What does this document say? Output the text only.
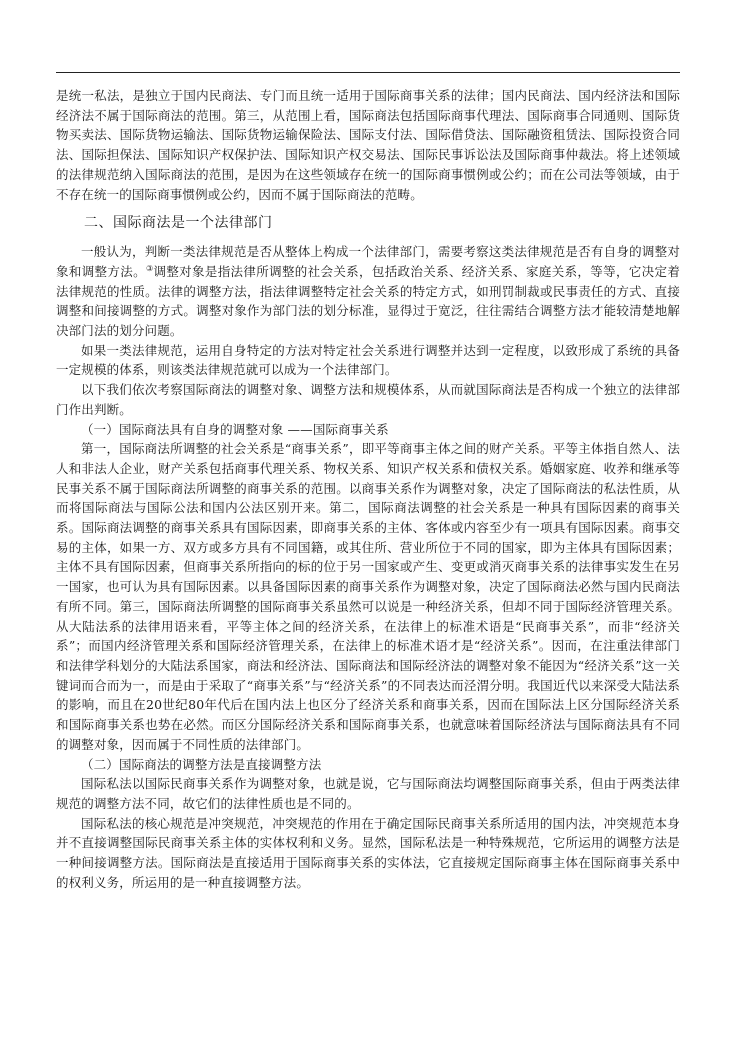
是统一私法，是独立于国内民商法、专门而且统一适用于国际商事关系的法律；国内民商法、国内经济法和国际经济法不属于国际商法的范围。第三，从范围上看，国际商法包括国际商事代理法、国际商事合同通则、国际货物买卖法、国际货物运输法、国际货物运输保险法、国际支付法、国际借贷法、国际融资租赁法、国际投资合同法、国际担保法、国际知识产权保护法、国际知识产权交易法、国际民事诉讼法及国际商事仲裁法。将上述领域的法律规范纳入国际商法的范围，是因为在这些领域存在统一的国际商事惯例或公约；而在公司法等领域，由于不存在统一的国际商事惯例或公约，因而不属于国际商法的范畴。

二、国际商法是一个法律部门

一般认为，判断一类法律规范是否从整体上构成一个法律部门，需要考察这类法律规范是否有自身的调整对象和调整方法。③调整对象是指法律所调整的社会关系，包括政治关系、经济关系、家庭关系，等等，它决定着法律规范的性质。法律的调整方法，指法律调整特定社会关系的特定方式，如刑罚制裁或民事责任的方式、直接调整和间接调整的方式。调整对象作为部门法的划分标准，显得过于宽泛，往往需结合调整方法才能较清楚地解决部门法的划分问题。

如果一类法律规范，运用自身特定的方法对特定社会关系进行调整并达到一定程度，以致形成了系统的具备一定规模的体系，则该类法律规范就可以成为一个法律部门。

以下我们依次考察国际商法的调整对象、调整方法和规模体系，从而就国际商法是否构成一个独立的法律部门作出判断。

（一）国际商法具有自身的调整对象 ——国际商事关系

第一，国际商法所调整的社会关系是“商事关系”，即平等商事主体之间的财产关系。平等主体指自然人、法人和非法人企业，财产关系包括商事代理关系、物权关系、知识产权关系和债权关系。婚姻家庭、收养和继承等民事关系不属于国际商法所调整的商事关系的范围。以商事关系作为调整对象，决定了国际商法的私法性质，从而将国际商法与国际公法和国内公法区别开来。第二，国际商法调整的社会关系是一种具有国际因素的商事关系。国际商法调整的商事关系具有国际因素，即商事关系的主体、客体或内容至少有一项具有国际因素。商事交易的主体，如果一方、双方或多方具有不同国籍，或其住所、营业所位于不同的国家，即为主体具有国际因素；主体不具有国际因素，但商事关系所指向的标的位于另一国家或产生、变更或消灭商事关系的法律事实发生在另一国家，也可认为具有国际因素。以具备国际因素的商事关系作为调整对象，决定了国际商法必然与国内民商法有所不同。第三，国际商法所调整的国际商事关系虽然可以说是一种经济关系，但却不同于国际经济管理关系。从大陆法系的法律用语来看，平等主体之间的经济关系，在法律上的标准术语是“民商事关系”，而非“经济关系”；而国内经济管理关系和国际经济管理关系，在法律上的标准术语才是“经济关系”。因而，在注重法律部门和法律学科划分的大陆法系国家，商法和经济法、国际商法和国际经济法的调整对象不能因为“经济关系”这一关键词而合而为一，而是由于采取了“商事关系”与“经济关系”的不同表达而泾渭分明。我国近代以来深受大陆法系的影响，而且在20世纪80年代后在国内法上也区分了经济关系和商事关系，因而在国际法上区分国际经济关系和国际商事关系也势在必然。而区分国际经济关系和国际商事关系，也就意味着国际经济法与国际商法具有不同的调整对象，因而属于不同性质的法律部门。

（二）国际商法的调整方法是直接调整方法

国际私法以国际民商事关系作为调整对象，也就是说，它与国际商法均调整国际商事关系，但由于两类法律规范的调整方法不同，故它们的法律性质也是不同的。

国际私法的核心规范是冲突规范，冲突规范的作用在于确定国际民商事关系所适用的国内法，冲突规范本身并不直接调整国际民商事关系主体的实体权利和义务。显然，国际私法是一种特殊规范，它所运用的调整方法是一种间接调整方法。国际商法是直接适用于国际商事关系的实体法，它直接规定国际商事主体在国际商事关系中的权利义务，所运用的是一种直接调整方法。
